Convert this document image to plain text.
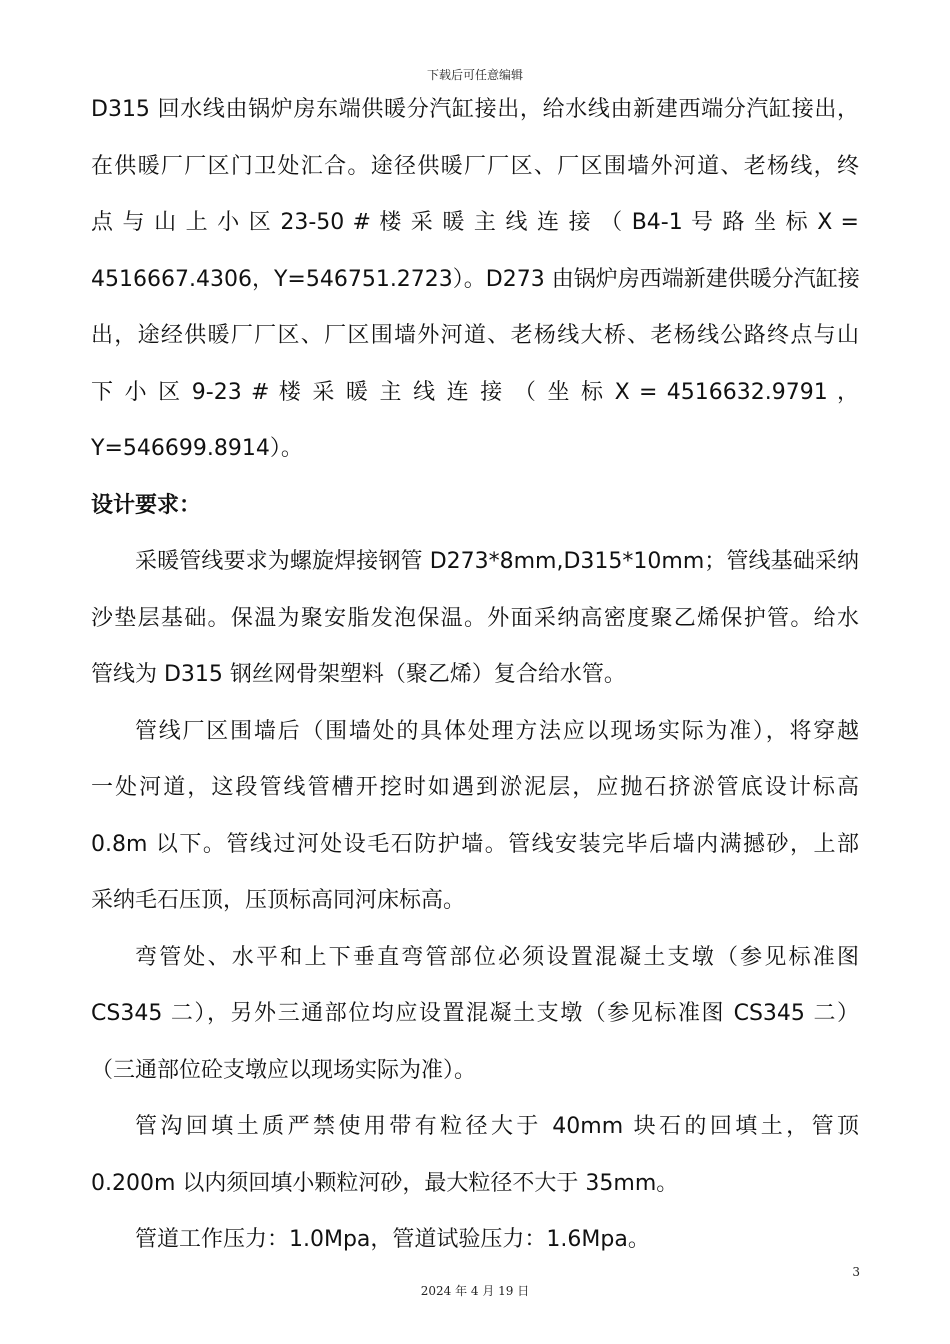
下载后可任意编辑
D315 回水线由锅炉房东端供暖分汽缸接出，给水线由新建西端分汽缸接出，
在供暖厂厂区门卫处汇合。途径供暖厂厂区、厂区围墙外河道、老杨线，终
点 与 山 上 小 区 23-50 # 楼 采 暖 主 线 连 接 （ B4-1 号 路 坐 标 X =
4516667.4306，Y=546751.2723）。D273 由锅炉房西端新建供暖分汽缸接
出，途经供暖厂厂区、厂区围墙外河道、老杨线大桥、老杨线公路终点与山
下 小 区 9-23 # 楼 采 暖 主 线 连 接 （ 坐 标 X = 4516632.9791 ，
Y=546699.8914）。
设计要求：
采暖管线要求为螺旋焊接钢管 D273*8mm,D315*10mm；管线基础采纳
沙垫层基础。保温为聚安脂发泡保温。外面采纳高密度聚乙烯保护管。给水
管线为 D315 钢丝网骨架塑料（聚乙烯）复合给水管。
管线厂区围墙后（围墙处的具体处理方法应以现场实际为准），将穿越
一处河道，这段管线管槽开挖时如遇到淤泥层，应抛石挤淤管底设计标高
0.8m 以下。管线过河处设毛石防护墙。管线安装完毕后墙内满撼砂，上部
采纳毛石压顶，压顶标高同河床标高。
弯管处、水平和上下垂直弯管部位必须设置混凝土支墩（参见标准图
CS345 二），另外三通部位均应设置混凝土支墩（参见标准图 CS345 二）
（三通部位砼支墩应以现场实际为准）。
管沟回填土质严禁使用带有粒径大于 40mm 块石的回填土，管顶
0.200m 以内须回填小颗粒河砂，最大粒径不大于 35mm。
管道工作压力：1.0Mpa，管道试验压力：1.6Mpa。
3
2024 年 4 月 19 日
